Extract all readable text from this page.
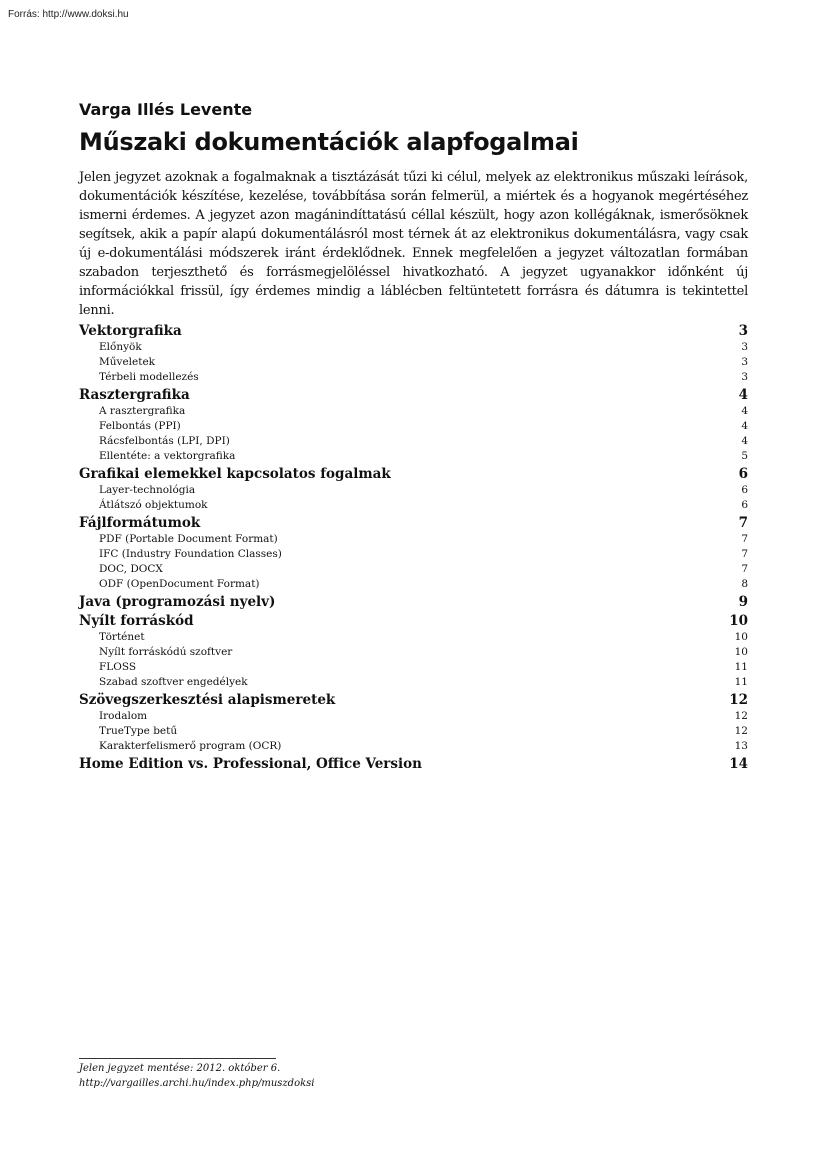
Forrás: http://www.doksi.hu
Varga Illés Levente
Műszaki dokumentációk alapfogalmai

Jelen jegyzet azoknak a fogalmaknak a tisztázását tűzi ki célul, melyek az elektronikus műszaki leírások, dokumentációk készítése, kezelése, továbbítása során felmerül, a miértek és a hogyanok megértéséhez ismerni érdemes. A jegyzet azon magánindíttatású céllal készült, hogy azon kollégáknak, ismerősöknek segítsek, akik a papír alapú dokumentálásról most térnek át az elektronikus dokumentálásra, vagy csak új e-dokumentálási módszerek iránt érdeklődnek. Ennek megfelelően a jegyzet változatlan formában szabadon terjeszthető és forrásmegjelöléssel hivatkozható. A jegyzet ugyanakkor időnként új információkkal frissül, így érdemes mindig a láblécben feltüntetett forrásra és dátumra is tekintettel lenni.

Vektorgrafika	3
Előnyök	3
Műveletek	3
Térbeli modellezés	3
Rasztergrafika	4
A rasztergrafika	4
Felbontás (PPI)	4
Rácsfelbontás (LPI, DPI)	4
Ellentéte: a vektorgrafika	5
Grafikai elemekkel kapcsolatos fogalmak	6
Layer-technológia	6
Átlátszó objektumok	6
Fájlformátumok	7
PDF (Portable Document Format)	7
IFC (Industry Foundation Classes)	7
DOC, DOCX	7
ODF (OpenDocument Format)	8
Java (programozási nyelv)	9
Nyílt forráskód	10
Történet	10
Nyílt forráskódú szoftver	10
FLOSS	11
Szabad szoftver engedélyek	11
Szövegszerkesztési alapismeretek	12
Irodalom	12
TrueType betű	12
Karakterfelismerő program (OCR)	13
Home Edition vs. Professional, Office Version	14
Jelen jegyzet mentése: 2012. október 6.
http://vargailles.archi.hu/index.php/muszdoksi
